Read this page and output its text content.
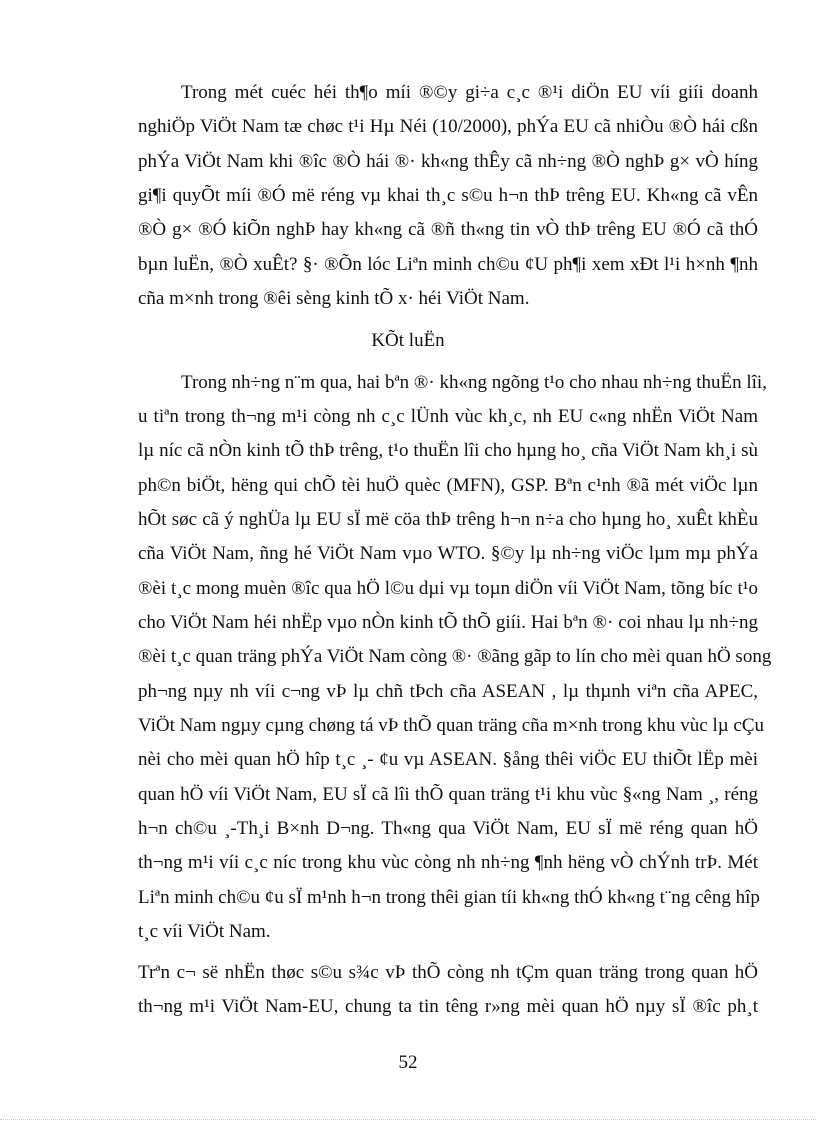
Trong mét cuéc héi th¶o míi ®©y gi÷a c¸c ®¹i diÖn EU víi giíi doanh
nghiÖp ViÖt Nam tæ chøc t¹i Hµ Néi (10/2000), phÝa EU cã nhiÒu ®Ò hái cßn
phÝa ViÖt Nam khi ®îc ®Ò hái ®· kh«ng thÊy cã nh÷ng ®Ò nghÞ g× vÒ híng
gi¶i quyÕt míi ®Ó më réng vµ khai th¸c s©u h¬n thÞ trêng EU. Kh«ng cã vÊn
®Ò g× ®Ó kiÕn nghÞ hay kh«ng cã ®ñ th«ng tin vÒ thÞ trêng EU ®Ó cã thÓ
bµn luËn, ®Ò xuÊt? §· ®Õn lóc Liªn minh ch©u ¢U ph¶i xem xÐt l¹i h×nh ¶nh
cña m×nh trong ®êi sèng kinh tÕ x· héi ViÖt Nam.
KÕt luËn
Trong nh÷ng n¨m qua, hai bªn ®· kh«ng ngõng t¹o cho nhau nh÷ng thuËn lîi,
u tiªn trong th¬ng m¹i còng nh c¸c lÜnh vùc kh¸c, nh EU c«ng nhËn ViÖt Nam
lµ níc cã nÒn kinh tÕ thÞ trêng, t¹o thuËn lîi cho hµng ho¸ cña ViÖt Nam kh¸i sù
ph©n biÖt, hëng qui chÕ tèi huÖ quèc (MFN), GSP. Bªn c¹nh ®ã mét viÖc lµn
hÕt søc cã ý nghÜa lµ EU sÏ më cöa thÞ trêng h¬n n÷a cho hµng ho¸ xuÊt khÈu
cña ViÖt Nam, ñng hé ViÖt Nam vµo WTO. §©y lµ nh÷ng viÖc lµm mµ phÝa
®èi t¸c mong muèn ®îc qua hÖ l©u dµi vµ toµn diÖn víi ViÖt Nam, tõng bíc t¹o
cho ViÖt Nam héi nhËp vµo nÒn kinh tÕ thÕ giíi. Hai bªn ®· coi nhau lµ nh÷ng
®èi t¸c quan träng phÝa ViÖt Nam còng ®· ®ãng gãp to lín cho mèi quan hÖ song
ph¬ng nµy nh víi c¬ng vÞ lµ chñ tÞch cña ASEAN , lµ thµnh viªn cña APEC,
ViÖt Nam ngµy cµng chøng tá vÞ thÕ quan träng cña m×nh trong khu vùc lµ cÇu
nèi cho mèi quan hÖ hîp t¸c ¸- ¢u vµ ASEAN. §ång thêi viÖc EU thiÕt lËp mèi
quan hÖ víi ViÖt Nam, EU sÏ cã lîi thÕ quan träng t¹i khu vùc §«ng Nam ¸, réng
h¬n ch©u ¸-Th¸i B×nh D¬ng. Th«ng qua ViÖt Nam, EU sÏ më réng quan hÖ
th¬ng m¹i víi c¸c níc trong khu vùc còng nh nh÷ng ¶nh hëng vÒ chÝnh trÞ. Mét
Liªn minh ch©u ¢u sÏ m¹nh h¬n trong thêi gian tíi kh«ng thÓ kh«ng t¨ng cêng hîp
t¸c víi ViÖt Nam.
Trªn c¬ së nhËn thøc s©u s¾c vÞ thÕ còng nh tÇm quan träng trong quan hÖ
th¬ng m¹i ViÖt Nam-EU, chung ta tin têng r»ng mèi quan hÖ nµy sÏ ®îc ph¸t
52
